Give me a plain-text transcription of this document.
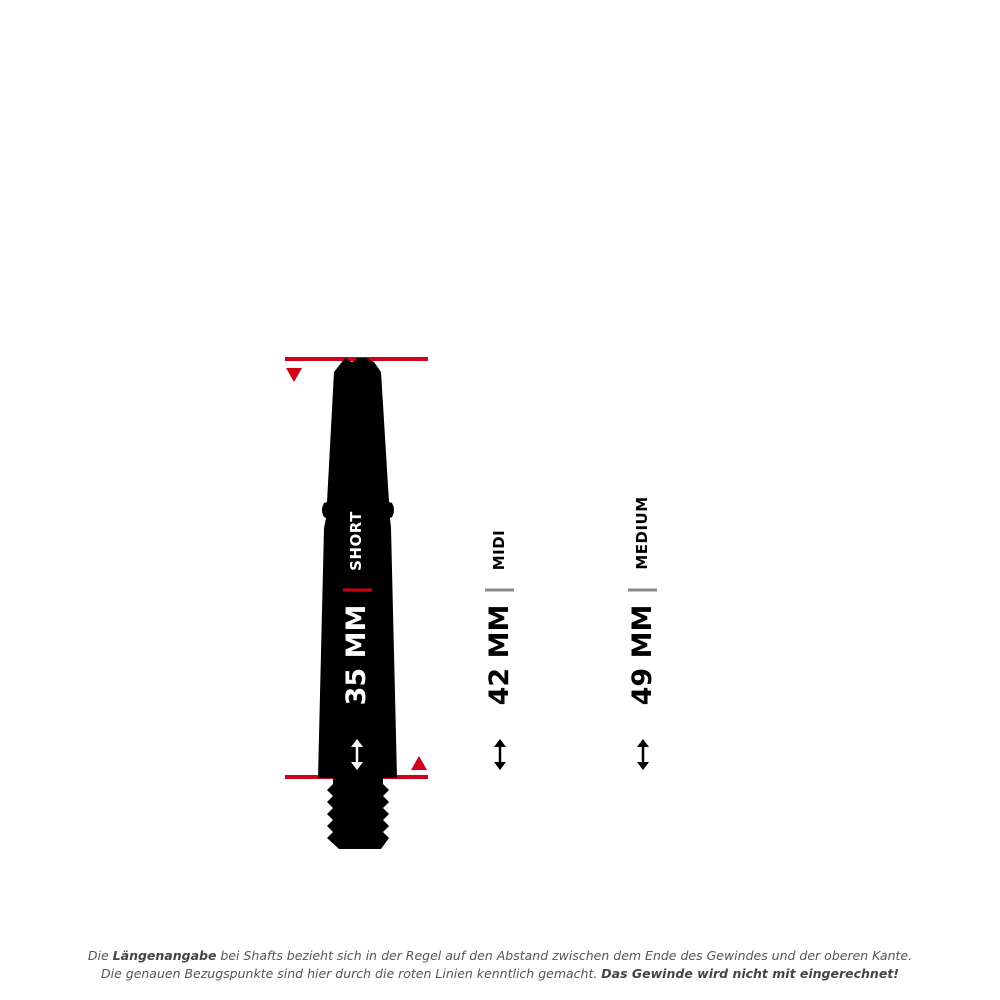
SHORT
35 MM
MIDI
42 MM
MEDIUM
49 MM
Die Längenangabe bei Shafts bezieht sich in der Regel auf den Abstand zwischen dem Ende des Gewindes und der oberen Kante.
Die genauen Bezugspunkte sind hier durch die roten Linien kenntlich gemacht. Das Gewinde wird nicht mit eingerechnet!
